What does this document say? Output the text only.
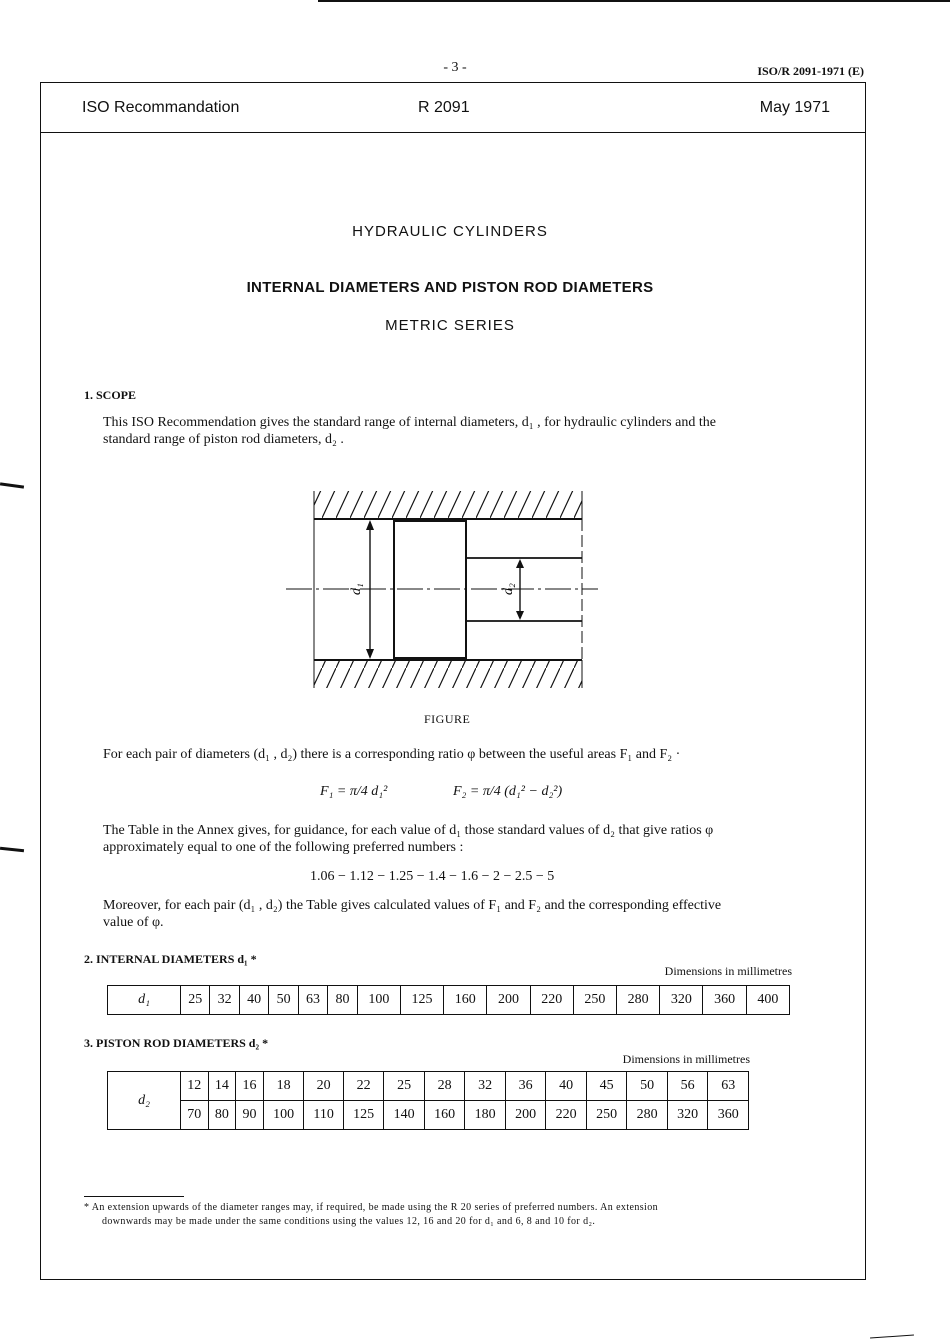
- 3 -	ISO/R 2091-1971 (E)
ISO Recommandation	R 2091	May 1971
HYDRAULIC CYLINDERS
INTERNAL DIAMETERS AND PISTON ROD DIAMETERS
METRIC SERIES
1. SCOPE
This ISO Recommendation gives the standard range of internal diameters, d₁ , for hydraulic cylinders and the
standard range of piston rod diameters, d₂ .
d₁	d₂
FIGURE
For each pair of diameters (d₁ , d₂) there is a corresponding ratio φ between the useful areas F₁ and F₂ ·
F₁ = π/4 d₁²	F₂ = π/4 (d₁² − d₂²)
The Table in the Annex gives, for guidance, for each value of d₁ those standard values of d₂ that give ratios φ
approximately equal to one of the following preferred numbers :
1.06 − 1.12 − 1.25 − 1.4 − 1.6 − 2 − 2.5 − 5
Moreover, for each pair (d₁ , d₂) the Table gives calculated values of F₁ and F₂ and the corresponding effective
value of φ.
2. INTERNAL DIAMETERS d₁ *
Dimensions in millimetres
d₁	25	32	40	50	63	80	100	125	160	200	220	250	280	320	360	400
3. PISTON ROD DIAMETERS d₂ *
Dimensions in millimetres
d₂	12	14	16	18	20	22	25	28	32	36	40	45	50	56	63
	70	80	90	100	110	125	140	160	180	200	220	250	280	320	360
* An extension upwards of the diameter ranges may, if required, be made using the R 20 series of preferred numbers. An extension
downwards may be made under the same conditions using the values 12, 16 and 20 for d₁ and 6, 8 and 10 for d₂.
